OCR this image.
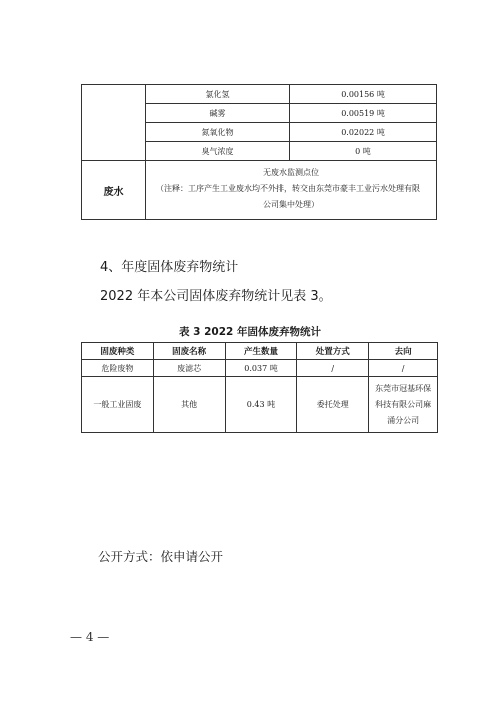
	氯化氢	0.00156 吨
	碱雾	0.00519 吨
	氮氧化物	0.02022 吨
	臭气浓度	0 吨
废水	无废水监测点位
（注释：工序产生工业废水均不外排，转交由东莞市豪丰工业污水处理有限
公司集中处理）	
4、年度固体废弃物统计
2022 年本公司固体废弃物统计见表 3。
表 3 2022 年固体废弃物统计
固废种类	固废名称	产生数量	处置方式	去向
危险废物	废滤芯	0.037 吨	/	/
一般工业固废	其他	0.43 吨	委托处理	东莞市冠基环保
科技有限公司麻
涌分公司
公开方式：依申请公开
— 4 —
